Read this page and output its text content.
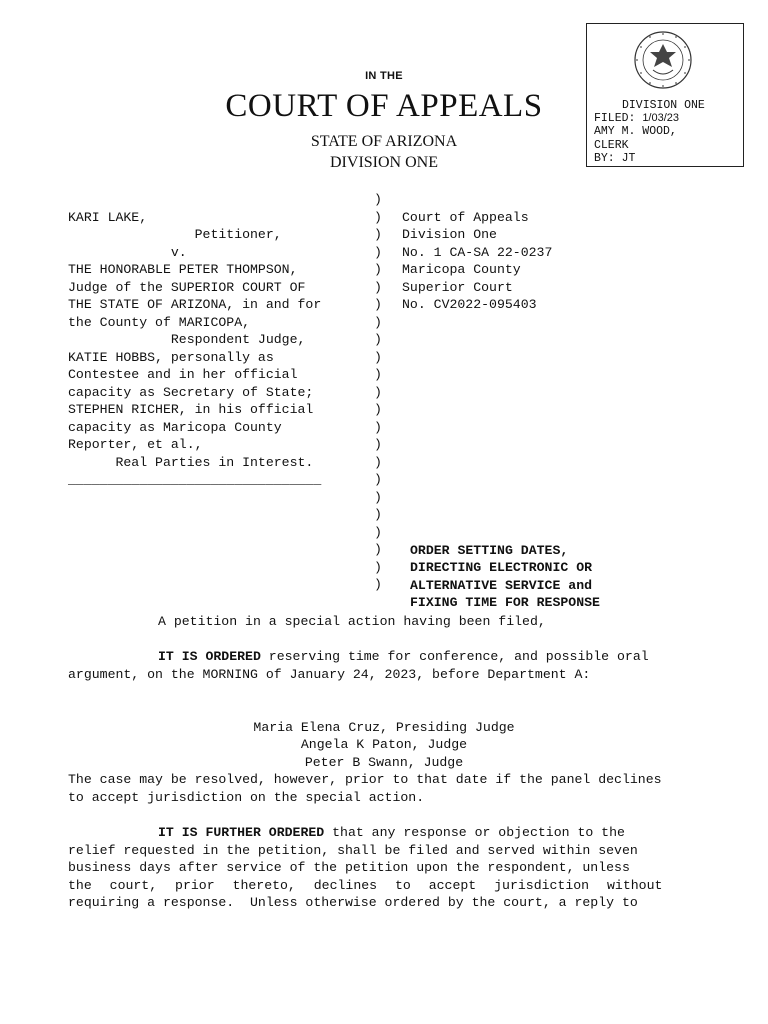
IN THE
COURT OF APPEALS
STATE OF ARIZONA
DIVISION ONE
DIVISION ONE
FILED: 1/03/23
AMY M. WOOD,
CLERK
BY: JT

KARI LAKE,
Petitioner,
v.
THE HONORABLE PETER THOMPSON,
Judge of the SUPERIOR COURT OF
THE STATE OF ARIZONA, in and for
the County of MARICOPA,
Respondent Judge,
KATIE HOBBS, personally as
Contestee and in her official
capacity as Secretary of State;
STEPHEN RICHER, in his official
capacity as Maricopa County
Reporter, et al.,
Real Parties in Interest.
________________________________

)
)
)
)
)
)
)
)
)
)
)
)
)
)
)
)
)
)
)
)
)
)
)

Court of Appeals
Division One
No. 1 CA-SA 22-0237
Maricopa County
Superior Court
No. CV2022-095403

ORDER SETTING DATES,
DIRECTING ELECTRONIC OR
ALTERNATIVE SERVICE and
FIXING TIME FOR RESPONSE

A petition in a special action having been filed,
IT IS ORDERED reserving time for conference, and possible oral
argument, on the MORNING of January 24, 2023, before Department A:

Maria Elena Cruz, Presiding Judge
Angela K Paton, Judge
Peter B Swann, Judge

The case may be resolved, however, prior to that date if the panel declines
to accept jurisdiction on the special action.
IT IS FURTHER ORDERED that any response or objection to the
relief requested in the petition, shall be filed and served within seven
business days after service of the petition upon the respondent, unless
the court, prior thereto, declines to accept jurisdiction without
requiring a response.  Unless otherwise ordered by the court, a reply to
